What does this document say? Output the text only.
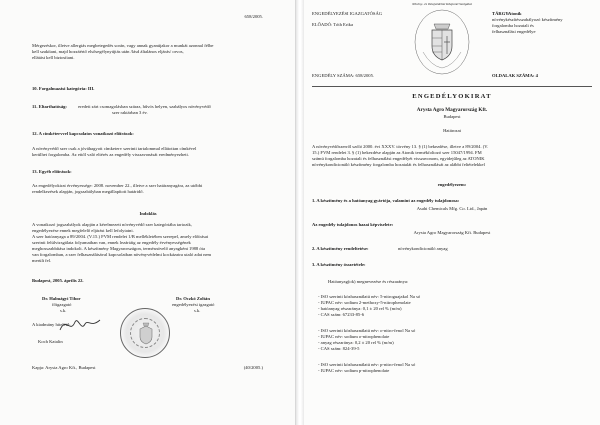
658/2005.
Mérgezéskor, illetve allergiás megbetegedés során, vagy annak gyanújakor a munkát azonnal félbe
kell szakítani, majd hozzáértő elsősegélynyújtás után /lásd általános eljárás/ orvos,
ellátást kell biztosítani.
10. Forgalmazási kategória: III.
11. Eltarthatóság: eredeti zárt csomagolásban száraz, hűvös helyen, szabályos növényvédő
szer raktárban 3 év.
12. A címkétervvel kapcsolatos vonatkozó előírások:
A növényvédő szer csak a jóváhagyott címketerv szerinti tartalommal ellátottan címkével
kerülhet forgalomba. Az ettől való eltérés az engedély visszavonását eredményezheti.
13. Egyéb előírások:
Az engedélyokirat érvényessége: 2008. november 22., illetve a szer határanyagára, az utóbbi
rendelkezések alapján, jogszabályban megállapított határidő.
Indoklás
A vonatkozó jogszabályok alapján a kérelmezett növényvédő szer kategóriába tartozik,
engedélyezése ennek megfelelő eljárást kell lefolytatni.
A szer hatóanyaga a 89/2004. (V.15.) FVM rendelet 1/B mellékletében szerepel, amely előírásai
szerinti felülvizsgálata folyamatban van, ennek lezártáig az engedély érvényességének
meghosszabbítása indokolt. A készítmény Magyarországon, termésnövelő anyagként 1988 óta
van forgalomban, a szer felhasználásával kapcsolatban növényvédelmi kockázatra utaló adat nem
merült fel.
Budapest, 2005. április 22.
Dr. Halmágyi Tibor
főigazgató
s.k.
Dr. Oczkó Zoltán
engedélyezési igazgató
s.k.
A kiadmány hiteléül:
Koch Katalin
Kapja: Arysta Agro Kft., Budapest	(40/2005.)
ENGEDÉLYEZÉSI IGAZGATÓSÁG
ELŐADÓ: Tóth Erika
ENGEDÉLY SZÁMA: 658/2005.
Növény- és Talajvédelmi Központi Szolgálat
TÁRGY:
Atonik
növénykészítésszabályozó készítmény
forgalomba hozatali és
felhasználási engedélye
OLDALAK SZÁMA: 4
ENGEDÉLYOKIRAT
Arysta Agro Magyarország Kft.
Budapest
Határozat
A növényvédőszerről szóló 2000. évi XXXV. törvény 13. § (1) bekezdése, illetve a 89/2004. (V.
15.) FVM rendelet 3. § (1) bekezdése alapján az Atonik termékfoltozó szer 15047/1994. FM
számú forgalomba hozatali és felhasználási engedélyét visszavonom, egyidejűleg az ATONIK
növénykondicionáló készítmény forgalomba hozatalát és felhasználását az alábbi feltételekkel
engedélyezem:
1. A készítmény és a hatóanyag gyártója, valamint az engedély tulajdonosa:
Asahi Chemicals Mfg. Co. Ltd., Japán
Az engedély tulajdonos hazai képviselete:
Arysta Agro Magyarország Kft. Budapest
2. A készítmény rendeltetése:	növénykondicionáló anyag
3. A készítmény összetétele:
Hatóanyag(ok) megnevezése és részaránya:
- ISO szerinti közhasználatú név: 5-nitroguajakol Na só
- IUPAC név: sodium 2-methoxy-5-nitrophenolate
- hatóanyag részaránya: 0,1 ± 20 rel % (m/m)
- CAS szám: 67233-85-6
- ISO szerinti közhasználatú név: o-nitro-fenol Na só
- IUPAC név: sodium o-nitrophenolate
- anyag részaránya: 0,2 ± 20 rel % (m/m)
- CAS szám: 824-39-5
- ISO szerinti közhasználatú név: p-nitro-fenol Na só
- IUPAC név: sodium p-nitrophenolate
